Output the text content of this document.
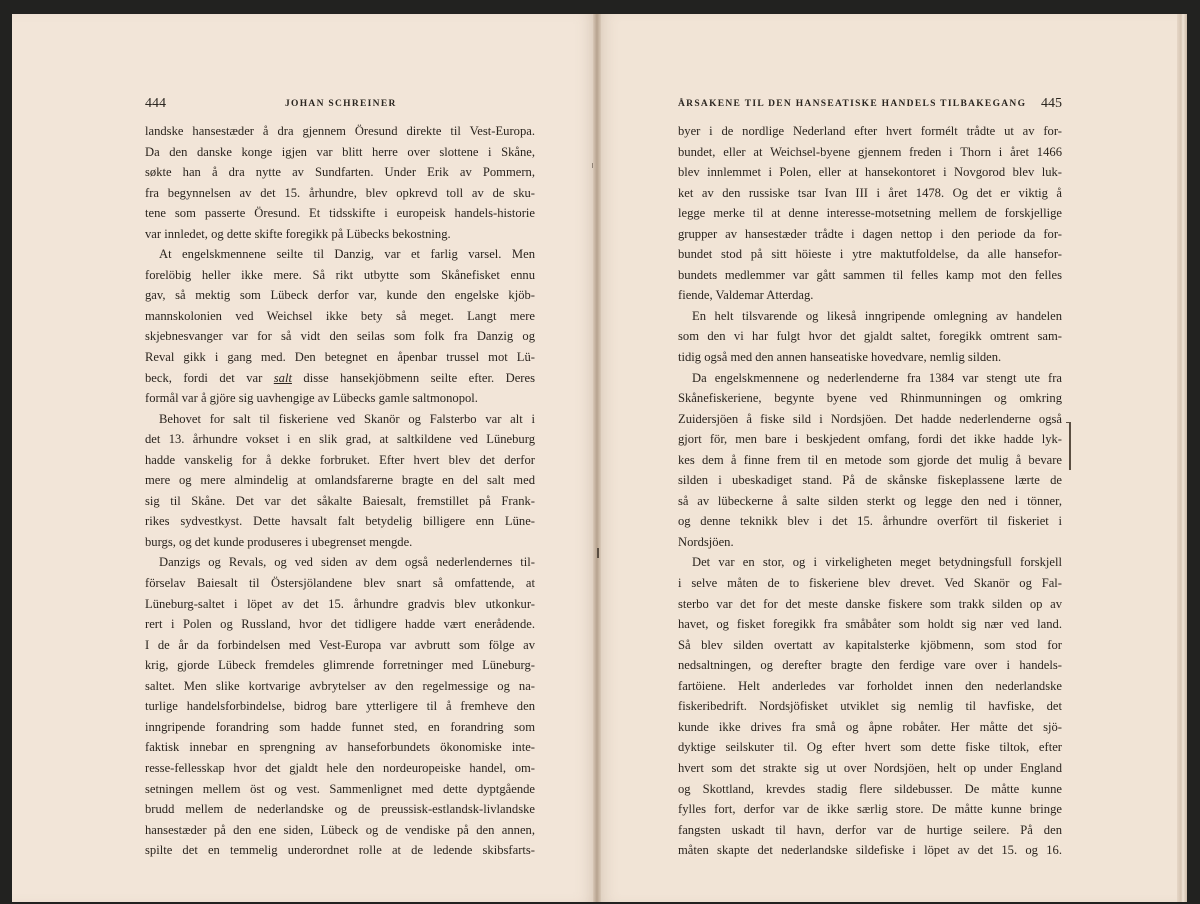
444	JOHAN SCHREINER	ÅRSAKENE TIL DEN HANSEATISKE HANDELS TILBAKEGANG 445
landske hansestæder å dra gjennem Öresund direkte til Vest-Europa.
Da den danske konge igjen var blitt herre over slottene i Skåne,
søkte han å dra nytte av Sundfarten. Under Erik av Pommern,
fra begynnelsen av det 15. århundre, blev opkrevd toll av de sku-
tene som passerte Öresund. Et tidsskifte i europeisk handels-historie
var innledet, og dette skifte foregikk på Lübecks bekostning.
At engelskmennene seilte til Danzig, var et farlig varsel. Men
forelöbig heller ikke mere. Så rikt utbytte som Skånefisket ennu
gav, så mektig som Lübeck derfor var, kunde den engelske kjöb-
mannskolonien ved Weichsel ikke bety så meget. Langt mere
skjebnesvanger var for så vidt den seilas som folk fra Danzig og
Reval gikk i gang med. Den betegnet en åpenbar trussel mot Lü-
beck, fordi det var salt disse hansekjöbmenn seilte efter. Deres
formål var å gjöre sig uavhengige av Lübecks gamle saltmonopol.
Behovet for salt til fiskeriene ved Skanör og Falsterbo var alt i
det 13. århundre vokset i en slik grad, at saltkildene ved Lüneburg
hadde vanskelig for å dekke forbruket. Efter hvert blev det derfor
mere og mere almindelig at omlandsfarerne bragte en del salt med
sig til Skåne. Det var det såkalte Baiesalt, fremstillet på Frank-
rikes sydvestkyst. Dette havsalt falt betydelig billigere enn Lüne-
burgs, og det kunde produseres i ubegrenset mengde.
Danzigs og Revals, og ved siden av dem også nederlendernes til-
förselav Baiesalt til Östersjölandene blev snart så omfattende, at
Lüneburg-saltet i löpet av det 15. århundre gradvis blev utkonkur-
rert i Polen og Russland, hvor det tidligere hadde vært enerådende.
I de år da forbindelsen med Vest-Europa var avbrutt som fölge av
krig, gjorde Lübeck fremdeles glimrende forretninger med Lüneburg-
saltet. Men slike kortvarige avbrytelser av den regelmessige og na-
turlige handelsforbindelse, bidrog bare ytterligere til å fremheve den
inngripende forandring som hadde funnet sted, en forandring som
faktisk innebar en sprengning av hanseforbundets ökonomiske inte-
resse-fellesskap hvor det gjaldt hele den nordeuropeiske handel, om-
setningen mellem öst og vest. Sammenlignet med dette dyptgående
brudd mellem de nederlandske og de preussisk-estlandsk-livlandske
hansestæder på den ene siden, Lübeck og de vendiske på den annen,
spilte det en temmelig underordnet rolle at de ledende skibsfarts-
byer i de nordlige Nederland efter hvert formélt trådte ut av for-
bundet, eller at Weichsel-byene gjennem freden i Thorn i året 1466
blev innlemmet i Polen, eller at hansekontoret i Novgorod blev luk-
ket av den russiske tsar Ivan III i året 1478. Og det er viktig å
legge merke til at denne interesse-motsetning mellem de forskjellige
grupper av hansestæder trådte i dagen nettop i den periode da for-
bundet stod på sitt höieste i ytre maktutfoldelse, da alle hansefor-
bundets medlemmer var gått sammen til felles kamp mot den felles
fiende, Valdemar Atterdag.
En helt tilsvarende og likeså inngripende omlegning av handelen
som den vi har fulgt hvor det gjaldt saltet, foregikk omtrent sam-
tidig også med den annen hanseatiske hovedvare, nemlig silden.
Da engelskmennene og nederlenderne fra 1384 var stengt ute fra
Skånefiskeriene, begynte byene ved Rhinmunningen og omkring
Zuidersjöen å fiske sild i Nordsjöen. Det hadde nederlenderne også
gjort för, men bare i beskjedent omfang, fordi det ikke hadde lyk-
kes dem å finne frem til en metode som gjorde det mulig å bevare
silden i ubeskadiget stand. På de skånske fiskeplassene lærte de
så av lübeckerne å salte silden sterkt og legge den ned i tönner,
og denne teknikk blev i det 15. århundre overfört til fiskeriet i
Nordsjöen.
Det var en stor, og i virkeligheten meget betydningsfull forskjell
i selve måten de to fiskeriene blev drevet. Ved Skanör og Fal-
sterbo var det for det meste danske fiskere som trakk silden op av
havet, og fisket foregikk fra småbåter som holdt sig nær ved land.
Så blev silden overtatt av kapitalsterke kjöbmenn, som stod for
nedsaltningen, og derefter bragte den ferdige vare over i handels-
fartöiene. Helt anderledes var forholdet innen den nederlandske
fiskeribedrift. Nordsjöfisket utviklet sig nemlig til havfiske, det
kunde ikke drives fra små og åpne robåter. Her måtte det sjö-
dyktige seilskuter til. Og efter hvert som dette fiske tiltok, efter
hvert som det strakte sig ut over Nordsjöen, helt op under England
og Skottland, krevdes stadig flere sildebusser. De måtte kunne
fylles fort, derfor var de ikke særlig store. De måtte kunne bringe
fangsten uskadt til havn, derfor var de hurtige seilere. På den
måten skapte det nederlandske sildefiske i löpet av det 15. og 16.
